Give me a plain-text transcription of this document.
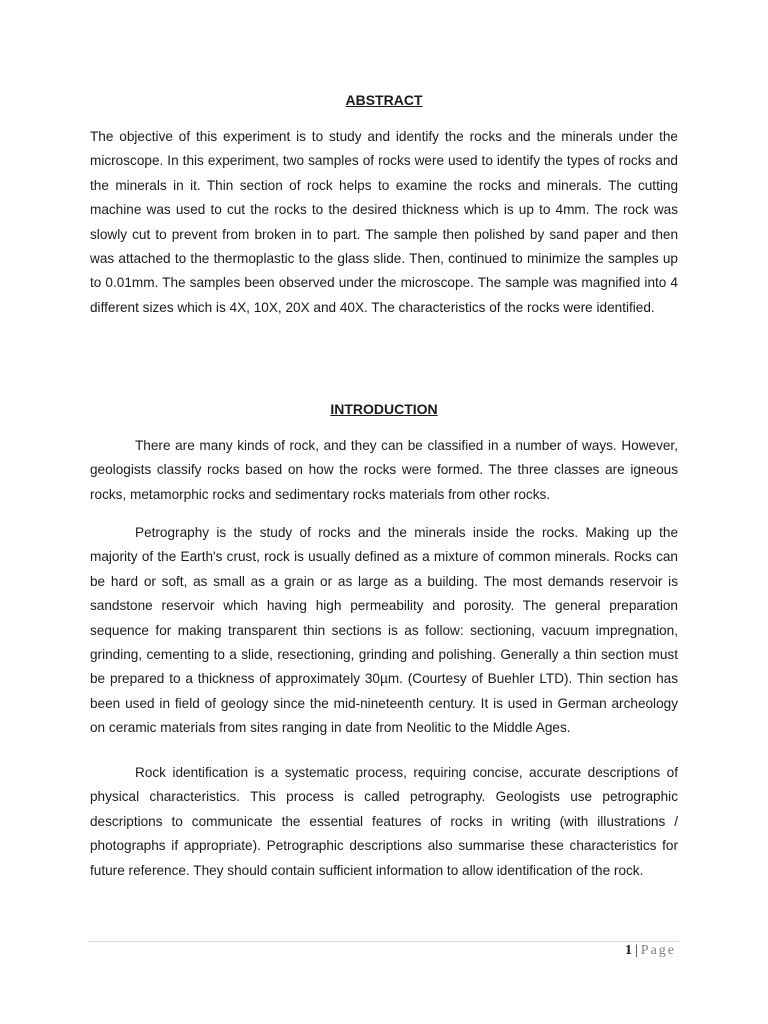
ABSTRACT

The objective of this experiment is to study and identify the rocks and the minerals under the microscope. In this experiment, two samples of rocks were used to identify the types of rocks and the minerals in it. Thin section of rock helps to examine the rocks and minerals. The cutting machine was used to cut the rocks to the desired thickness which is up to 4mm. The rock was slowly cut to prevent from broken in to part. The sample then polished by sand paper and then was attached to the thermoplastic to the glass slide. Then, continued to minimize the samples up to 0.01mm. The samples been observed under the microscope. The sample was magnified into 4 different sizes which is 4X, 10X, 20X and 40X. The characteristics of the rocks were identified.

INTRODUCTION

There are many kinds of rock, and they can be classified in a number of ways. However, geologists classify rocks based on how the rocks were formed. The three classes are igneous rocks, metamorphic rocks and sedimentary rocks materials from other rocks.

Petrography is the study of rocks and the minerals inside the rocks. Making up the majority of the Earth's crust, rock is usually defined as a mixture of common minerals. Rocks can be hard or soft, as small as a grain or as large as a building. The most demands reservoir is sandstone reservoir which having high permeability and porosity. The general preparation sequence for making transparent thin sections is as follow: sectioning, vacuum impregnation, grinding, cementing to a slide, resectioning, grinding and polishing. Generally a thin section must be prepared to a thickness of approximately 30µm. (Courtesy of Buehler LTD). Thin section has been used in field of geology since the mid-nineteenth century. It is used in German archeology on ceramic materials from sites ranging in date from Neolitic to the Middle Ages.

Rock identification is a systematic process, requiring concise, accurate descriptions of physical characteristics. This process is called petrography. Geologists use petrographic descriptions to communicate the essential features of rocks in writing (with illustrations / photographs if appropriate). Petrographic descriptions also summarise these characteristics for future reference. They should contain sufficient information to allow identification of the rock.

1 | Page
